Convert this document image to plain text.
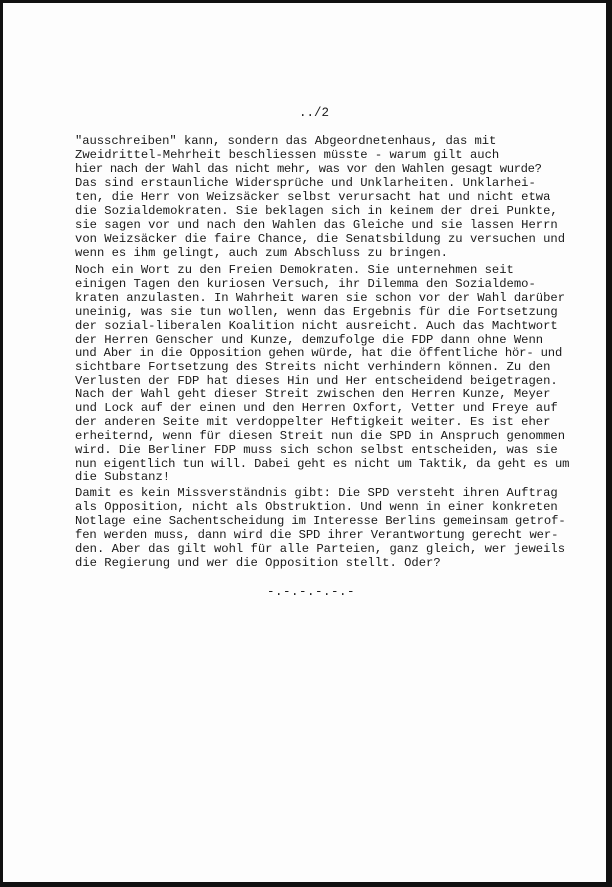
../2
"ausschreiben" kann, sondern das Abgeordnetenhaus, das mit
Zweidrittel-Mehrheit beschliessen müsste - warum gilt auch
hier nach der Wahl das nicht mehr, was vor den Wahlen gesagt wurde?
Das sind erstaunliche Widersprüche und Unklarheiten. Unklarhei-
ten, die Herr von Weizsäcker selbst verursacht hat und nicht etwa
die Sozialdemokraten. Sie beklagen sich in keinem der drei Punkte,
sie sagen vor und nach den Wahlen das Gleiche und sie lassen Herrn
von Weizsäcker die faire Chance, die Senatsbildung zu versuchen und
wenn es ihm gelingt, auch zum Abschluss zu bringen.
Noch ein Wort zu den Freien Demokraten. Sie unternehmen seit
einigen Tagen den kuriosen Versuch, ihr Dilemma den Sozialdemo-
kraten anzulasten. In Wahrheit waren sie schon vor der Wahl darüber
uneinig, was sie tun wollen, wenn das Ergebnis für die Fortsetzung
der sozial-liberalen Koalition nicht ausreicht. Auch das Machtwort
der Herren Genscher und Kunze, demzufolge die FDP dann ohne Wenn
und Aber in die Opposition gehen würde, hat die öffentliche hör- und
sichtbare Fortsetzung des Streits nicht verhindern können. Zu den
Verlusten der FDP hat dieses Hin und Her entscheidend beigetragen.
Nach der Wahl geht dieser Streit zwischen den Herren Kunze, Meyer
und Lock auf der einen und den Herren Oxfort, Vetter und Freye auf
der anderen Seite mit verdoppelter Heftigkeit weiter. Es ist eher
erheiternd, wenn für diesen Streit nun die SPD in Anspruch genommen
wird. Die Berliner FDP muss sich schon selbst entscheiden, was sie
nun eigentlich tun will. Dabei geht es nicht um Taktik, da geht es um
die Substanz!
Damit es kein Missverständnis gibt: Die SPD versteht ihren Auftrag
als Opposition, nicht als Obstruktion. Und wenn in einer konkreten
Notlage eine Sachentscheidung im Interesse Berlins gemeinsam getrof-
fen werden muss, dann wird die SPD ihrer Verantwortung gerecht wer-
den. Aber das gilt wohl für alle Parteien, ganz gleich, wer jeweils
die Regierung und wer die Opposition stellt. Oder?
-.-.-.-.-.-
